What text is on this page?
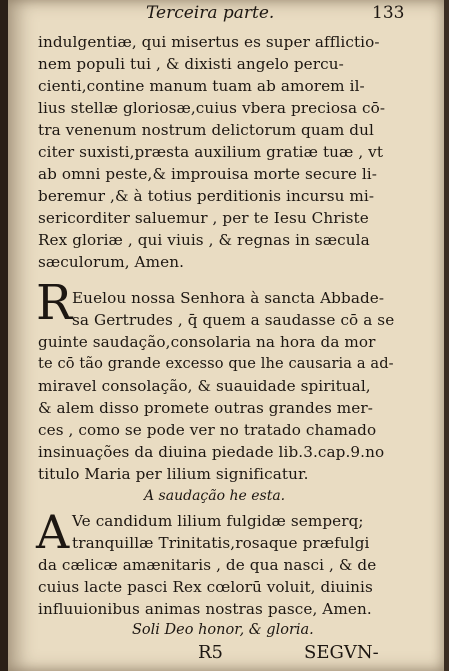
Terceira parte.	133
indulgentiæ, qui misertus es super afflictio-
nem populi tui , & dixisti angelo percu-
cienti,contine manum tuam ab amorem il-
lius stellæ gloriosæ,cuius vbera preciosa cō-
tra venenum nostrum delictorum quam dul
citer suxisti,præsta auxilium gratiæ tuæ , vt
ab omni peste,& improuisa morte secure li-
beremur ,& à totius perditionis incursu mi-
sericorditer saluemur , per te Iesu Christe
Rex gloriæ , qui viuis , & regnas in sæcula
sæculorum, Amen.
R Euelou nossa Senhora à sancta Abbade-
sa Gertrudes , q̄ quem a saudasse cō a se
guinte saudação,consolaria na hora da mor
te cō tão grande excesso que lhe causaria a ad-
miravel consolação, & suauidade spiritual,
& alem disso promete outras grandes mer-
ces , como se pode ver no tratado chamado
insinuações da diuina piedade lib.3.cap.9.no
titulo Maria per lilium significatur.
A saudação he esta.
A Ve candidum lilium fulgidæ semperq;
tranquillæ Trinitatis,rosaque præfulgi
da cælicæ amænitaris , de qua nasci , & de
cuius lacte pasci Rex cœlorū voluit, diuinis
influuionibus animas nostras pasce, Amen.
Soli Deo honor, & gloria.
R5	SEGVN-
